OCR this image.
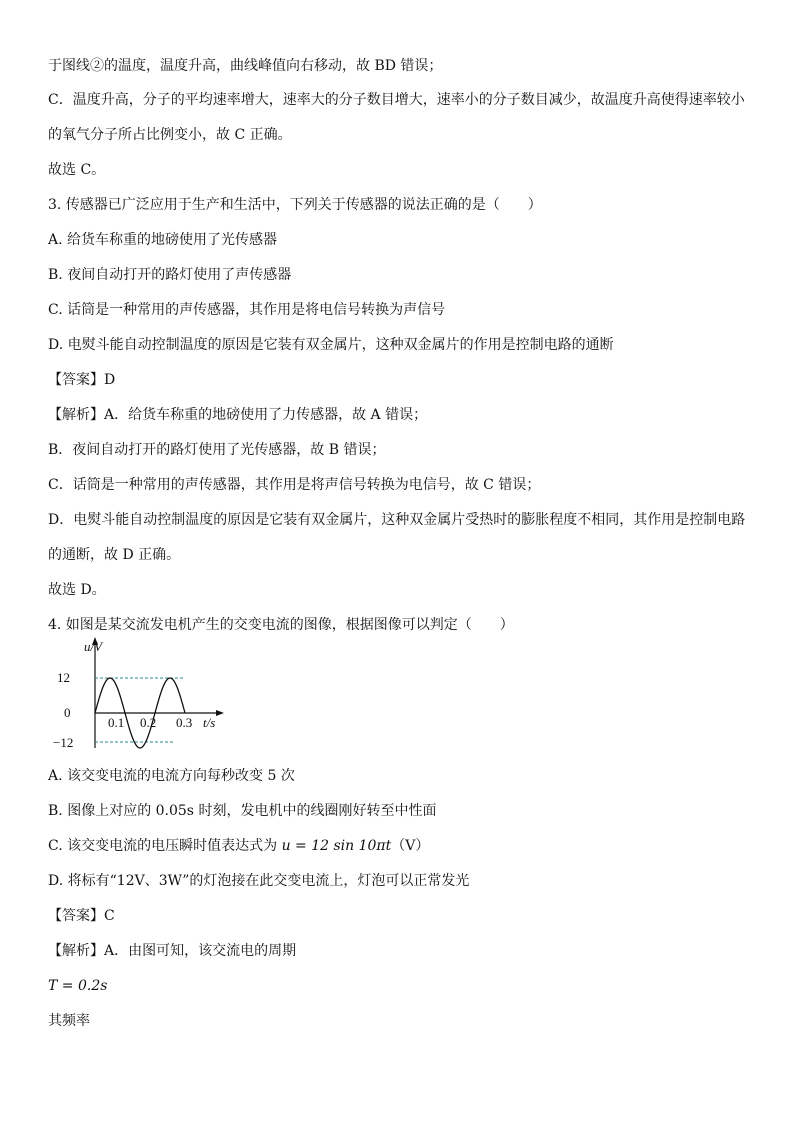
于图线②的温度，温度升高，曲线峰值向右移动，故 BD 错误；
C．温度升高，分子的平均速率增大，速率大的分子数目增大，速率小的分子数目减少，故温度升高使得速率较小
的氧气分子所占比例变小，故 C 正确。
故选 C。
3. 传感器已广泛应用于生产和生活中，下列关于传感器的说法正确的是（　　）
A. 给货车称重的地磅使用了光传感器
B. 夜间自动打开的路灯使用了声传感器
C. 话筒是一种常用的声传感器，其作用是将电信号转换为声信号
D. 电熨斗能自动控制温度的原因是它装有双金属片，这种双金属片的作用是控制电路的通断
【答案】D
【解析】A．给货车称重的地磅使用了力传感器，故 A 错误；
B．夜间自动打开的路灯使用了光传感器，故 B 错误；
C．话筒是一种常用的声传感器，其作用是将声信号转换为电信号，故 C 错误；
D．电熨斗能自动控制温度的原因是它装有双金属片，这种双金属片受热时的膨胀程度不相同，其作用是控制电路
的通断，故 D 正确。
故选 D。
4. 如图是某交流发电机产生的交变电流的图像，根据图像可以判定（　　）
u/V
12
0
−12
0.1 0.2 0.3 t/s
A. 该交变电流的电流方向每秒改变 5 次
B. 图像上对应的 0.05s 时刻，发电机中的线圈刚好转至中性面
C. 该交变电流的电压瞬时值表达式为 u = 12 sin 10πt（V）
D. 将标有“12V、3W”的灯泡接在此交变电流上，灯泡可以正常发光
【答案】C
【解析】A．由图可知，该交流电的周期
T = 0.2s
其频率
